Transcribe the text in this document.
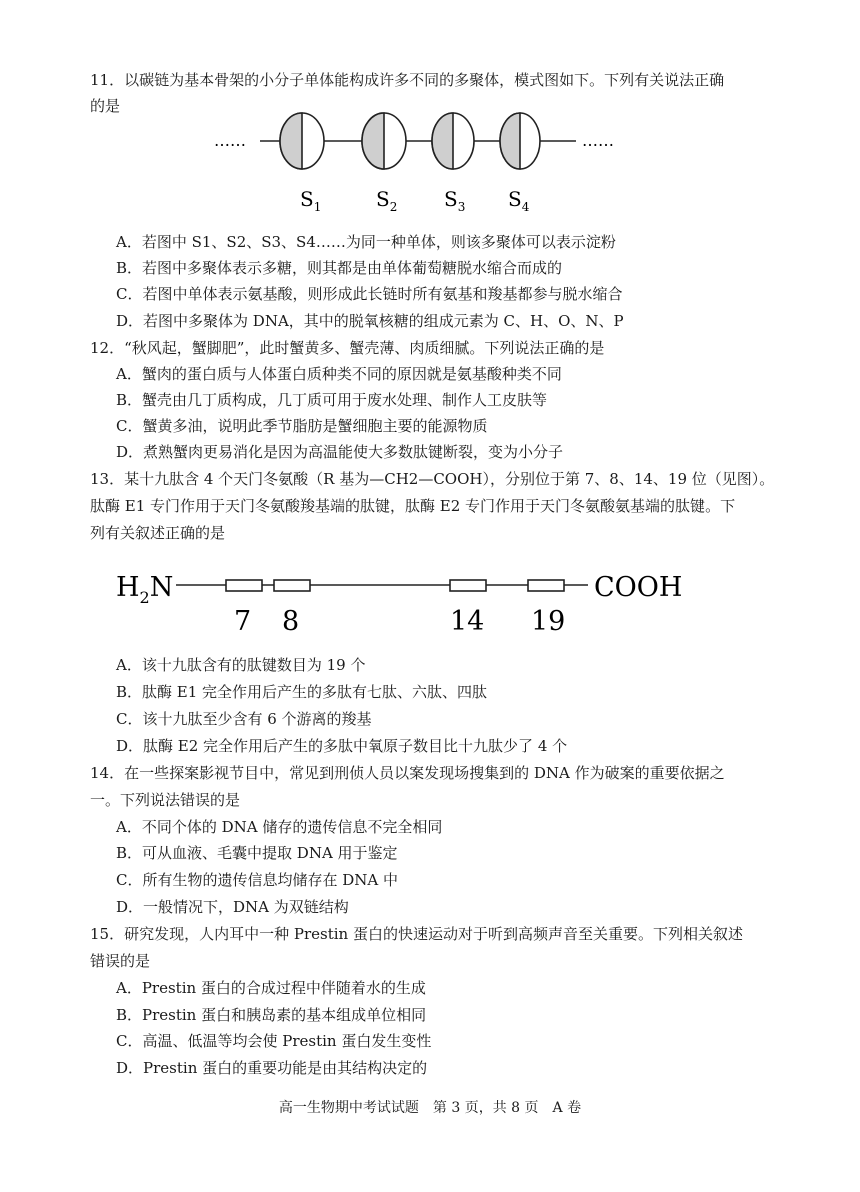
11．以碳链为基本骨架的小分子单体能构成许多不同的多聚体，模式图如下。下列有关说法正确
的是
……	……
$S_1$	$S_2$ $S_3$ $S_4$
A．若图中 S1、S2、S3、S4……为同一种单体，则该多聚体可以表示淀粉
B．若图中多聚体表示多糖，则其都是由单体葡萄糖脱水缩合而成的
C．若图中单体表示氨基酸，则形成此长链时所有氨基和羧基都参与脱水缩合
D．若图中多聚体为 DNA，其中的脱氧核糖的组成元素为 C、H、O、N、P
12．“秋风起，蟹脚肥”，此时蟹黄多、蟹壳薄、肉质细腻。下列说法正确的是
A．蟹肉的蛋白质与人体蛋白质种类不同的原因就是氨基酸种类不同
B．蟹壳由几丁质构成，几丁质可用于废水处理、制作人工皮肤等
C．蟹黄多油，说明此季节脂肪是蟹细胞主要的能源物质
D．煮熟蟹肉更易消化是因为高温能使大多数肽键断裂，变为小分子
13．某十九肽含 4 个天门冬氨酸（R 基为—CH2—COOH），分别位于第 7、8、14、19 位（见图）。
肽酶 E1 专门作用于天门冬氨酸羧基端的肽键，肽酶 E2 专门作用于天门冬氨酸氨基端的肽键。下
列有关叙述正确的是
$H_2N$	COOH
7 8	14 19
A．该十九肽含有的肽键数目为 19 个
B．肽酶 E1 完全作用后产生的多肽有七肽、六肽、四肽
C．该十九肽至少含有 6 个游离的羧基
D．肽酶 E2 完全作用后产生的多肽中氧原子数目比十九肽少了 4 个
14．在一些探案影视节目中，常见到刑侦人员以案发现场搜集到的 DNA 作为破案的重要依据之
一。下列说法错误的是
A．不同个体的 DNA 储存的遗传信息不完全相同
B．可从血液、毛囊中提取 DNA 用于鉴定
C．所有生物的遗传信息均储存在 DNA 中
D．一般情况下，DNA 为双链结构
15．研究发现，人内耳中一种 Prestin 蛋白的快速运动对于听到高频声音至关重要。下列相关叙述
错误的是
A．Prestin 蛋白的合成过程中伴随着水的生成
B．Prestin 蛋白和胰岛素的基本组成单位相同
C．高温、低温等均会使 Prestin 蛋白发生变性
D．Prestin 蛋白的重要功能是由其结构决定的
高一生物期中考试试题　第 3 页，共 8 页　A 卷
